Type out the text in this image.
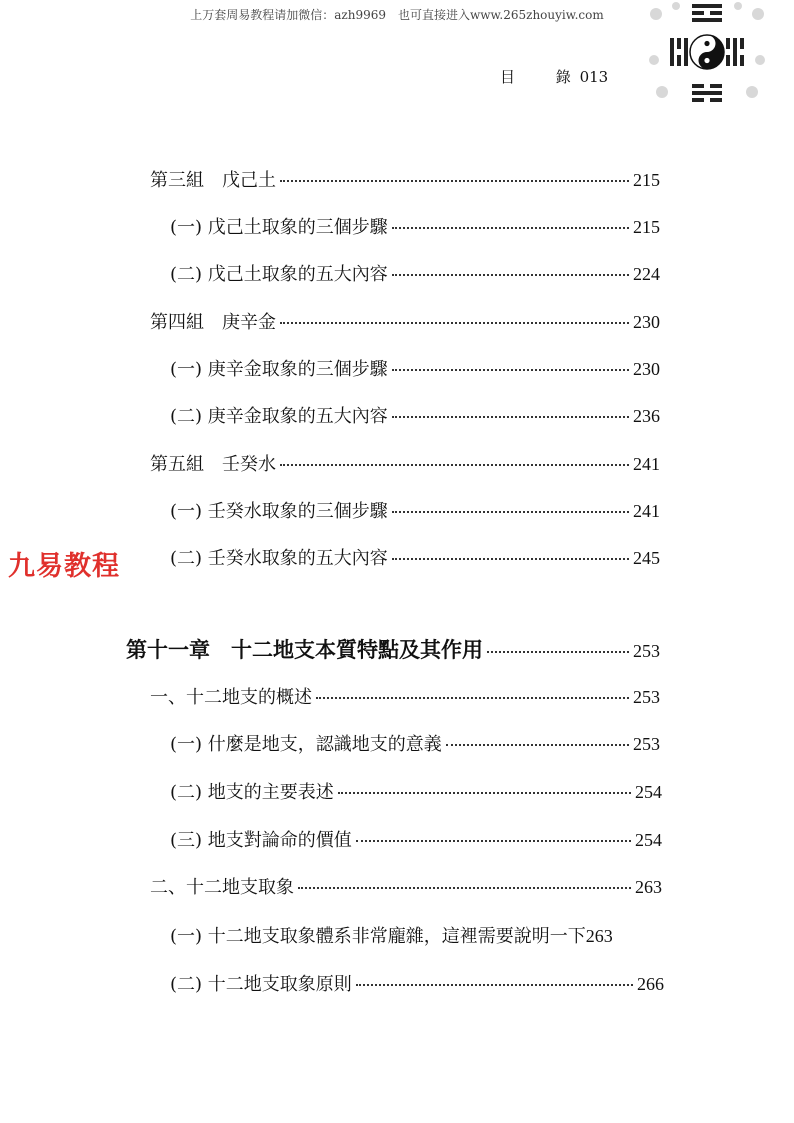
上万套周易教程请加微信：azh9969　也可直接进入www.265zhouyiw.com
目	錄 013
九易教程
第三組　戊己土	215
(一) 戊己土取象的三個步驟	215
(二) 戊己土取象的五大內容	224
第四組　庚辛金	230
(一) 庚辛金取象的三個步驟	230
(二) 庚辛金取象的五大內容	236
第五組　壬癸水	241
(一) 壬癸水取象的三個步驟	241
(二) 壬癸水取象的五大內容	245
第十一章　十二地支本質特點及其作用	253
一、十二地支的概述	253
(一) 什麼是地支，認識地支的意義	253
(二) 地支的主要表述	254
(三) 地支對論命的價值	254
二、十二地支取象	263
(一) 十二地支取象體系非常龐雜，這裡需要說明一下 263
(二) 十二地支取象原則	266
